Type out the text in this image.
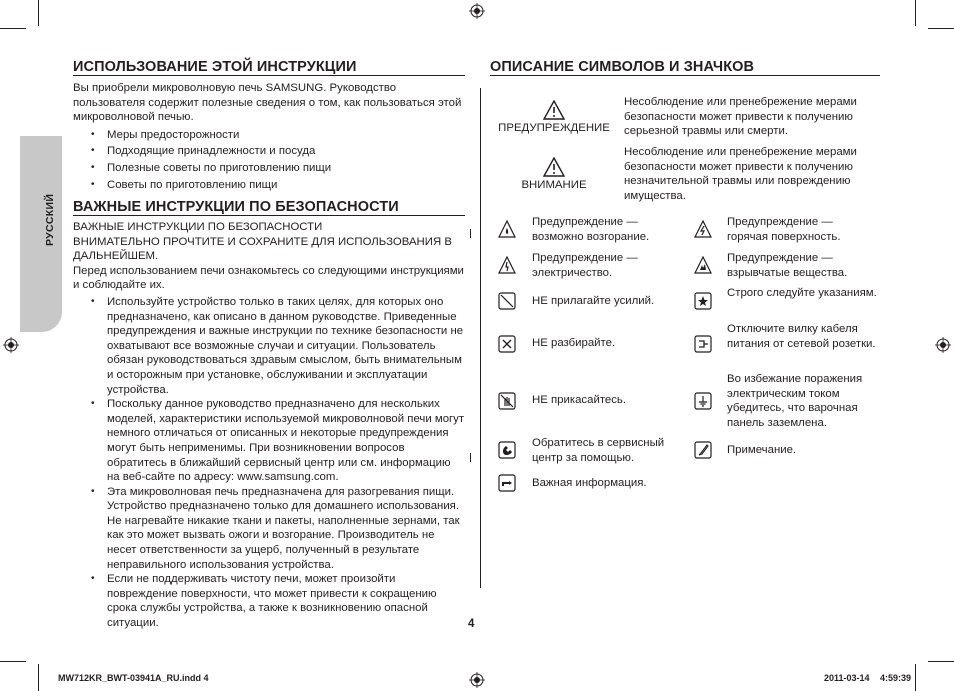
РУССКИЙ
ИСПОЛЬЗОВАНИЕ ЭТОЙ ИНСТРУКЦИИ
Вы приобрели микроволновую печь SAMSUNG. Руководство пользователя содержит полезные сведения о том, как пользоваться этой микроволновой печью.
• Меры предосторожности
• Подходящие принадлежности и посуда
• Полезные советы по приготовлению пищи
• Советы по приготовлению пищи
ВАЖНЫЕ ИНСТРУКЦИИ ПО БЕЗОПАСНОСТИ
ВАЖНЫЕ ИНСТРУКЦИИ ПО БЕЗОПАСНОСТИ
ВНИМАТЕЛЬНО ПРОЧТИТЕ И СОХРАНИТЕ ДЛЯ ИСПОЛЬЗОВАНИЯ В ДАЛЬНЕЙШЕМ.
Перед использованием печи ознакомьтесь со следующими инструкциями и соблюдайте их.
• Используйте устройство только в таких целях, для которых оно предназначено, как описано в данном руководстве. Приведенные предупреждения и важные инструкции по технике безопасности не охватывают все возможные случаи и ситуации. Пользователь обязан руководствоваться здравым смыслом, быть внимательным и осторожным при установке, обслуживании и эксплуатации устройства.
• Поскольку данное руководство предназначено для нескольких моделей, характеристики используемой микроволновой печи могут немного отличаться от описанных и некоторые предупреждения могут быть неприменимы. При возникновении вопросов обратитесь в ближайший сервисный центр или см. информацию на веб-сайте по адресу: www.samsung.com.
• Эта микроволновая печь предназначена для разогревания пищи. Устройство предназначено только для домашнего использования. Не нагревайте никакие ткани и пакеты, наполненные зернами, так как это может вызвать ожоги и возгорание. Производитель не несет ответственности за ущерб, полученный в результате неправильного использования устройства.
• Если не поддерживать чистоту печи, может произойти повреждение поверхности, что может привести к сокращению срока службы устройства, а также к возникновению опасной ситуации.
ОПИСАНИЕ СИМВОЛОВ И ЗНАЧКОВ
ПРЕДУПРЕЖДЕНИЕ
Несоблюдение или пренебрежение мерами безопасности может привести к получению серьезной травмы или смерти.
ВНИМАНИЕ
Несоблюдение или пренебрежение мерами безопасности может привести к получению незначительной травмы или повреждению имущества.
Предупреждение — возможно возгорание.
Предупреждение — горячая поверхность.
Предупреждение — электричество.
Предупреждение — взрывчатые вещества.
НЕ прилагайте усилий.
Строго следуйте указаниям.
НЕ разбирайте.
Отключите вилку кабеля питания от сетевой розетки.
НЕ прикасайтесь.
Во избежание поражения электрическим током убедитесь, что варочная панель заземлена.
Обратитесь в сервисный центр за помощью.
Примечание.
Важная информация.
4
MW712KR_BWT-03941A_RU.indd 4	2011-03-14 4:59:39
